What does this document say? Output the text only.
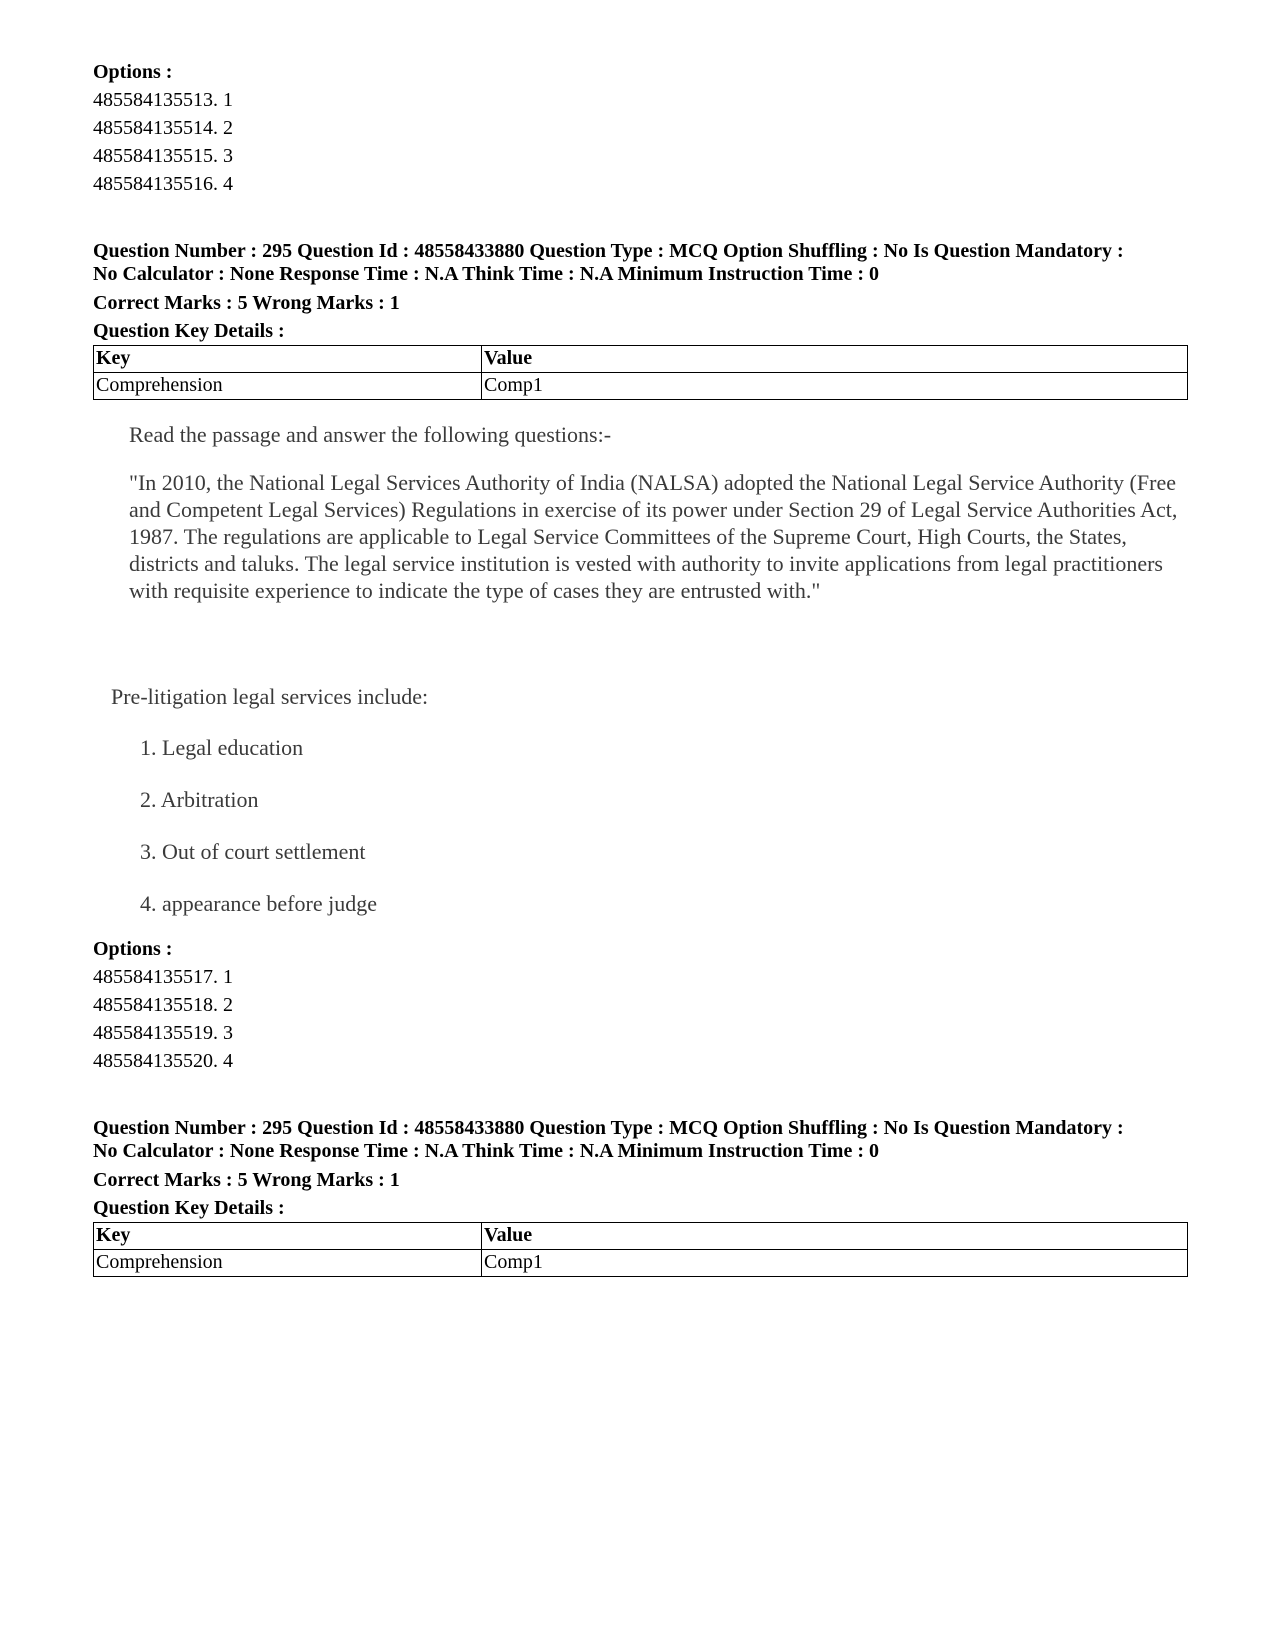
Options :

485584135513. 1

485584135514. 2

485584135515. 3

485584135516. 4

Question Number : 295 Question Id : 48558433880 Question Type : MCQ Option Shuffling : No Is Question Mandatory :

No Calculator : None Response Time : N.A Think Time : N.A Minimum Instruction Time : 0

Correct Marks : 5 Wrong Marks : 1

Question Key Details :

Key	Value
Comprehension	Comp1

Read the passage and answer the following questions:-

"In 2010, the National Legal Services Authority of India (NALSA) adopted the National Legal Service Authority (Free and Competent Legal Services) Regulations in exercise of its power under Section 29 of Legal Service Authorities Act, 1987. The regulations are applicable to Legal Service Committees of the Supreme Court, High Courts, the States, districts and taluks. The legal service institution is vested with authority to invite applications from legal practitioners with requisite experience to indicate the type of cases they are entrusted with."

Pre-litigation legal services include:
1. Legal education
2. Arbitration
3. Out of court settlement
4. appearance before judge

Options :

485584135517. 1

485584135518. 2

485584135519. 3

485584135520. 4

Question Number : 295 Question Id : 48558433880 Question Type : MCQ Option Shuffling : No Is Question Mandatory :

No Calculator : None Response Time : N.A Think Time : N.A Minimum Instruction Time : 0

Correct Marks : 5 Wrong Marks : 1

Question Key Details :

Key	Value
Comprehension	Comp1
